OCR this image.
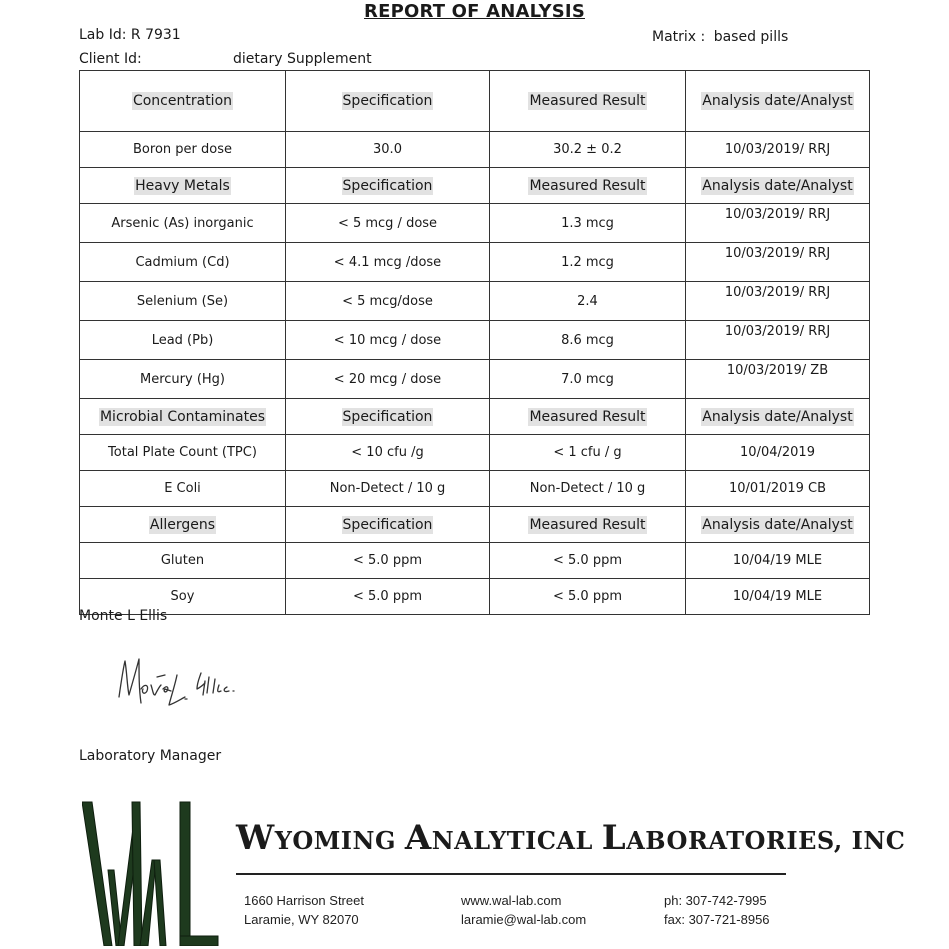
REPORT OF ANALYSIS
Lab Id: R 7931	Matrix : based pills
Client Id:	dietary Supplement
Concentration	Specification	Measured Result	Analysis date/Analyst
Boron per dose	30.0	30.2 ± 0.2	10/03/2019/ RRJ
Heavy Metals	Specification	Measured Result	Analysis date/Analyst
Arsenic (As) inorganic	< 5 mcg / dose	1.3 mcg	10/03/2019/ RRJ
Cadmium (Cd)	< 4.1 mcg /dose	1.2 mcg	10/03/2019/ RRJ
Selenium (Se)	< 5 mcg/dose	2.4	10/03/2019/ RRJ
Lead (Pb)	< 10 mcg / dose	8.6 mcg	10/03/2019/ RRJ
Mercury (Hg)	< 20 mcg / dose	7.0 mcg	10/03/2019/ ZB
Microbial Contaminates	Specification	Measured Result	Analysis date/Analyst
Total Plate Count (TPC)	< 10 cfu /g	< 1 cfu / g	10/04/2019
E Coli	Non-Detect / 10 g	Non-Detect / 10 g	10/01/2019 CB
Allergens	Specification	Measured Result	Analysis date/Analyst
Gluten	< 5.0 ppm	< 5.0 ppm	10/04/19 MLE
Soy	< 5.0 ppm	< 5.0 ppm	10/04/19 MLE
Monte L Ellis
Laboratory Manager
WYOMING ANALYTICAL LABORATORIES, INC
1660 Harrison Street
Laramie, WY 82070
www.wal-lab.com
laramie@wal-lab.com
ph: 307-742-7995
fax: 307-721-8956
